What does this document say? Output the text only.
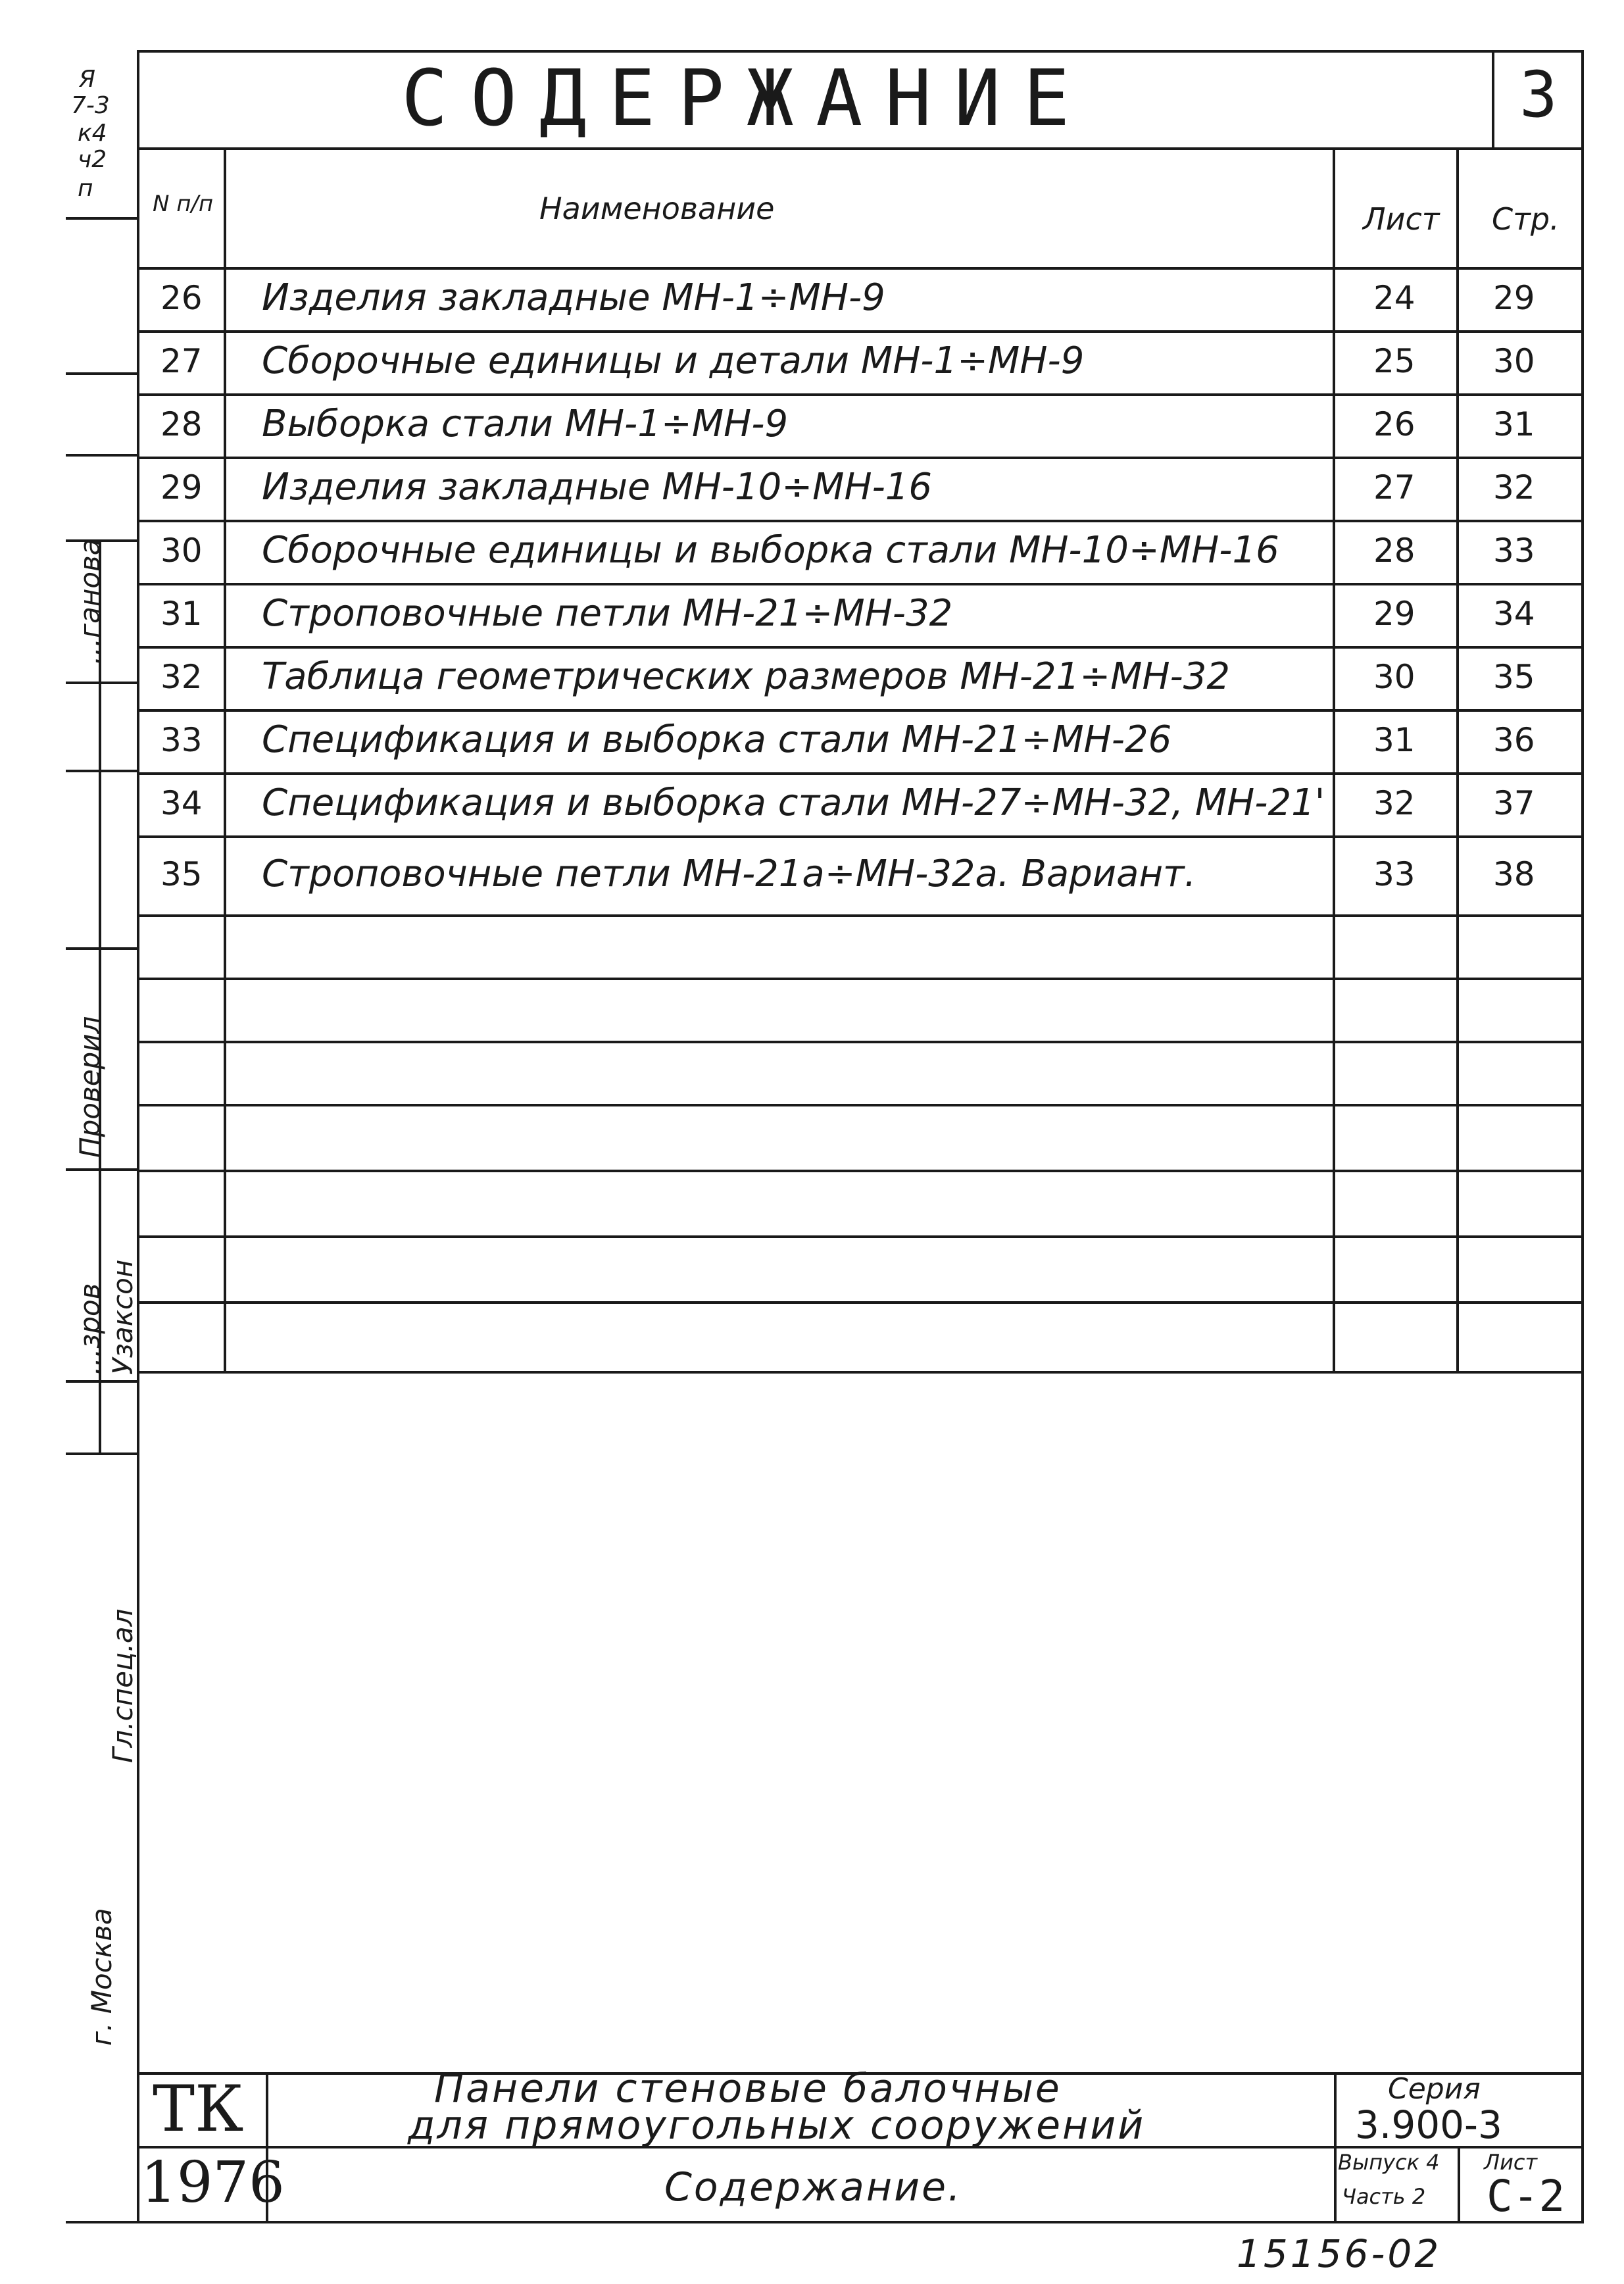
СОДЕРЖАНИЕ	3
N п/п	Наименование	Лист Стр.
26 Изделия закладные МН-1÷МН-9	24 29
27 Сборочные единицы и детали МН-1÷МН-9	25 30
28 Выборка стали МН-1÷МН-9	26 31
29 Изделия закладные МН-10÷МН-16	27 32
30 Сборочные единицы и выборка стали МН-10÷МН-16	28 33
31 Строповочные петли МН-21÷МН-32	29 34
32 Таблица геометрических размеров МН-21÷МН-32	30 35
33 Спецификация и выборка стали МН-21÷МН-26	31 36
34 Спецификация и выборка стали МН-27÷МН-32, МН-21' 32 37
35 Строповочные петли МН-21а÷МН-32а. Вариант.	33 38
Я
7-3
к4
ч2
п
...ганова
Проверил
...зров Узаксон
Гл.спец.ал
г. Москва
ТК
1976
Панели стеновые балочные
для прямоугольных сооружений
Содержание.
Серия
3.900-3
Выпуск 4
Часть 2
Лист
С-2
15156-02
